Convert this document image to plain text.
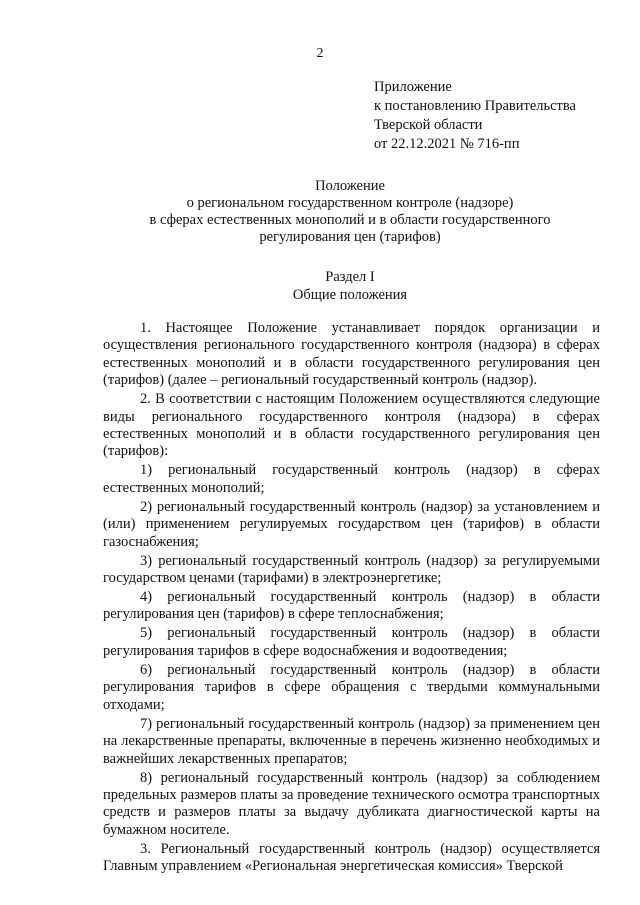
2
Приложение
к постановлению Правительства
Тверской области
от 22.12.2021 № 716-пп
Положение
о региональном государственном контроле (надзоре)
в сферах естественных монополий и в области государственного
регулирования цен (тарифов)
Раздел I
Общие положения

1. Настоящее Положение устанавливает порядок организации и осуществления регионального государственного контроля (надзора) в сферах естественных монополий и в области государственного регулирования цен (тарифов) (далее – региональный государственный контроль (надзор).

2. В соответствии с настоящим Положением осуществляются следующие виды регионального государственного контроля (надзора) в сферах естественных монополий и в области государственного регулирования цен (тарифов):

1) региональный государственный контроль (надзор) в сферах естественных монополий;

2) региональный государственный контроль (надзор) за установлением и (или) применением регулируемых государством цен (тарифов) в области газоснабжения;

3) региональный государственный контроль (надзор) за регулируемыми государством ценами (тарифами) в электроэнергетике;

4) региональный государственный контроль (надзор) в области регулирования цен (тарифов) в сфере теплоснабжения;

5) региональный государственный контроль (надзор) в области регулирования тарифов в сфере водоснабжения и водоотведения;

6) региональный государственный контроль (надзор) в области регулирования тарифов в сфере обращения с твердыми коммунальными отходами;

7) региональный государственный контроль (надзор) за применением цен на лекарственные препараты, включенные в перечень жизненно необходимых и важнейших лекарственных препаратов;

8) региональный государственный контроль (надзор) за соблюдением предельных размеров платы за проведение технического осмотра транспортных средств и размеров платы за выдачу дубликата диагностической карты на бумажном носителе.

3. Региональный государственный контроль (надзор) осуществляется Главным управлением «Региональная энергетическая комиссия» Тверской
